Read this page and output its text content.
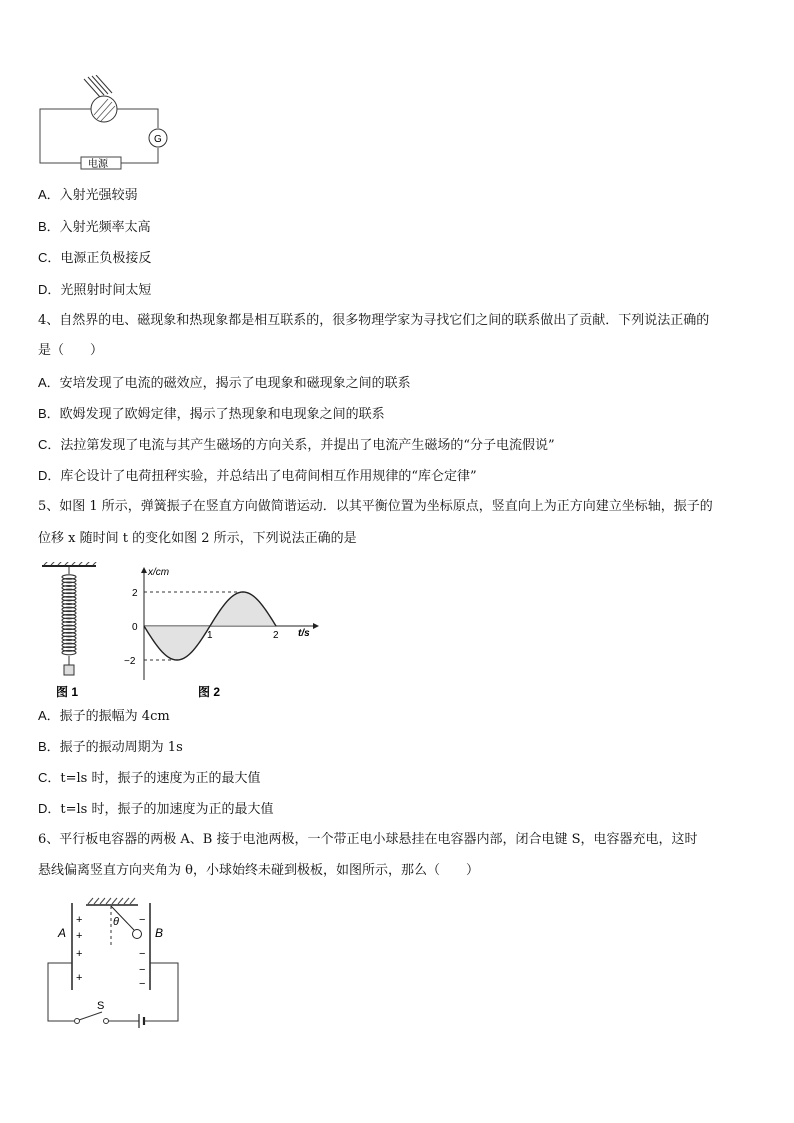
G
电源
A．入射光强较弱
B．入射光频率太高
C．电源正负极接反
D．光照射时间太短
4、自然界的电、磁现象和热现象都是相互联系的，很多物理学家为寻找它们之间的联系做出了贡献．下列说法正确的
是（　　）
A．安培发现了电流的磁效应，揭示了电现象和磁现象之间的联系
B．欧姆发现了欧姆定律，揭示了热现象和电现象之间的联系
C．法拉第发现了电流与其产生磁场的方向关系，并提出了电流产生磁场的“分子电流假说”
D．库仑设计了电荷扭秤实验，并总结出了电荷间相互作用规律的“库仑定律”
5、如图 1 所示，弹簧振子在竖直方向做简谐运动．以其平衡位置为坐标原点，竖直向上为正方向建立坐标轴，振子的
位移 x 随时间 t 的变化如图 2 所示，下列说法正确的是
图 1
x/cm
t/s
2
0
−2
1	2
图 2
A．振子的振幅为 4cm
B．振子的振动周期为 1s
C．t=ls 时，振子的速度为正的最大值
D．t=ls 时，振子的加速度为正的最大值
6、平行板电容器的两极 A、B 接于电池两极，一个带正电小球悬挂在电容器内部，闭合电键 S，电容器充电，这时
悬线偏离竖直方向夹角为 θ，小球始终未碰到极板，如图所示，那么（　　）
θ
A	B
+
+
+
+
−
−
−
−
S
